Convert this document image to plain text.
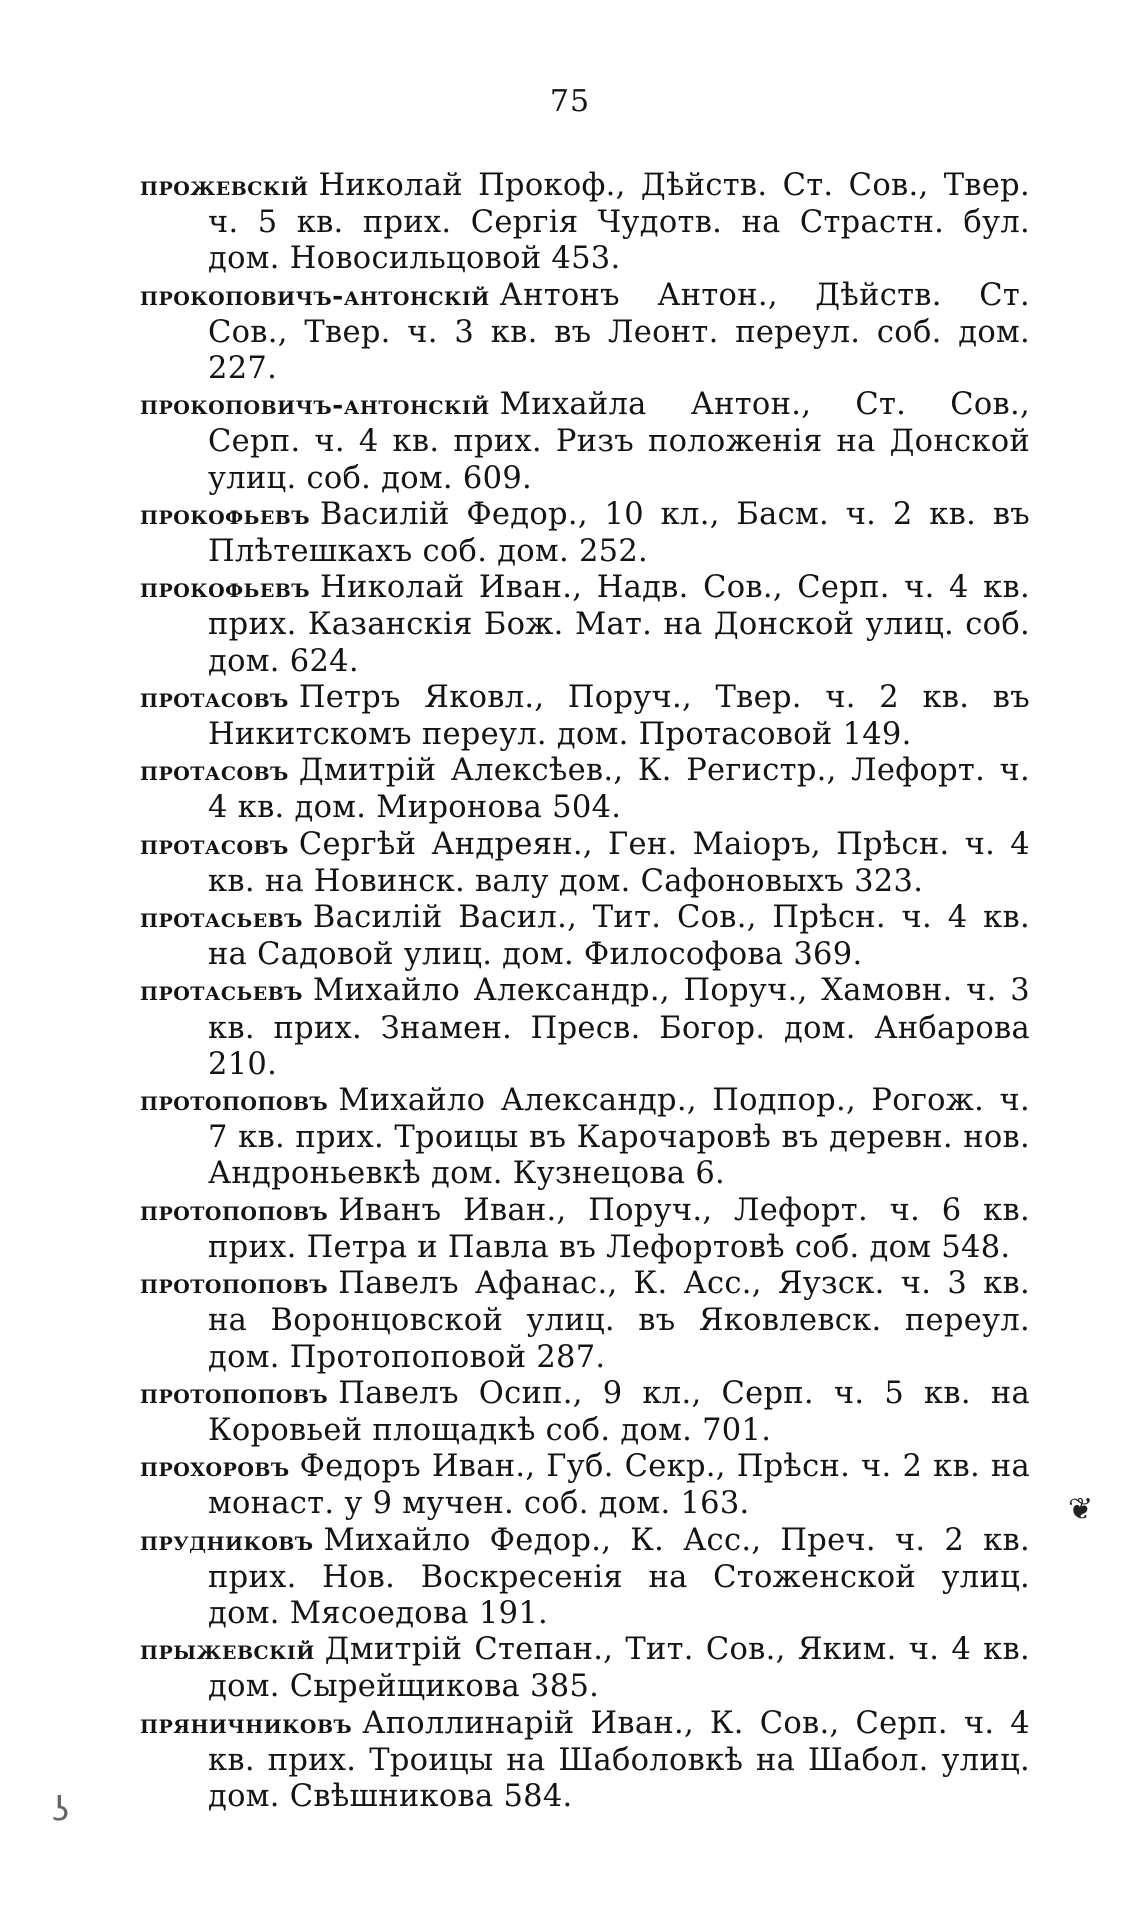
75

прожевскій Николай Прокоф., Дѣйств. Ст. Сов., Твер. ч. 5 кв. прих. Сергія Чудотв. на Страстн. бул. дом. Новосильцовой 453.

прокоповичъ-антонскій Антонъ Антон., Дѣйств. Ст. Сов., Твер. ч. 3 кв. въ Леонт. переул. соб. дом. 227.

прокоповичъ-антонскій Михайла Антон., Ст. Сов., Серп. ч. 4 кв. прих. Ризъ положенія на Донской улиц. соб. дом. 609.

прокофьевъ Василій Федор., 10 кл., Басм. ч. 2 кв. въ Плѣтешкахъ соб. дом. 252.

прокофьевъ Николай Иван., Надв. Сов., Серп. ч. 4 кв. прих. Казанскія Бож. Мат. на Донской улиц. соб. дом. 624.

протасовъ Петръ Яковл., Поруч., Твер. ч. 2 кв. въ Никитскомъ переул. дом. Протасовой 149.

протасовъ Дмитрій Алексѣев., К. Регистр., Лефорт. ч. 4 кв. дом. Миронова 504.

протасовъ Сергѣй Андреян., Ген. Маіоръ, Прѣсн. ч. 4 кв. на Новинск. валу дом. Сафоновыхъ 323.

протасьевъ Василій Васил., Тит. Сов., Прѣсн. ч. 4 кв. на Садовой улиц. дом. Философова 369.

протасьевъ Михайло Александр., Поруч., Хамовн. ч. 3 кв. прих. Знамен. Пресв. Богор. дом. Анбарова 210.

протопоповъ Михайло Александр., Подпор., Рогож. ч. 7 кв. прих. Троицы въ Карочаровѣ въ деревн. нов. Андроньевкѣ дом. Кузнецова 6.

протопоповъ Иванъ Иван., Поруч., Лефорт. ч. 6 кв. прих. Петра и Павла въ Лефортовѣ соб. дом 548.

протопоповъ Павелъ Афанас., К. Асс., Яузск. ч. 3 кв. на Воронцовской улиц. въ Яковлевск. переул. дом. Протопоповой 287.

протопоповъ Павелъ Осип., 9 кл., Серп. ч. 5 кв. на Коровьей площадкѣ соб. дом. 701.

прохоровъ Федоръ Иван., Губ. Секр., Прѣсн. ч. 2 кв. на монаст. у 9 мучен. соб. дом. 163.

прудниковъ Михайло Федор., К. Асс., Преч. ч. 2 кв. прих. Нов. Воскресенія на Стоженской улиц. дом. Мясоедова 191.

прыжевскій Дмитрій Степан., Тит. Сов., Яким. ч. 4 кв. дом. Сырейщикова 385.

пряничниковъ Аполлинарій Иван., К. Сов., Серп. ч. 4 кв. прих. Троицы на Шаболовкѣ на Шабол. улиц. дом. Свѣшникова 584.

❦
ʖ
